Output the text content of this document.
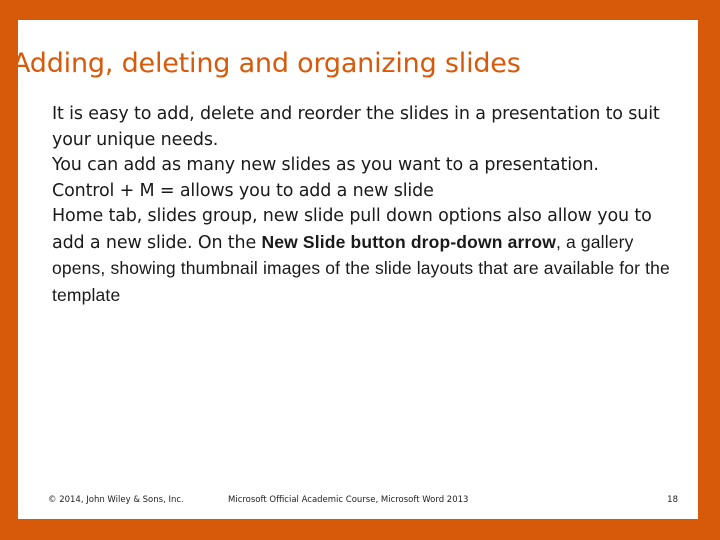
Adding, deleting and organizing slides
•	It is easy to add, delete and reorder the slides in a presentation to suit your unique needs.
•	You can add as many new slides as you want to a presentation.
•	Control + M = allows you to add a new slide
•	Home tab, slides group, new slide pull down options also allow you to add a new slide. On the New Slide button drop-down arrow, a gallery opens, showing thumbnail images of the slide layouts that are available for the template
© 2014, John Wiley & Sons, Inc.	Microsoft Official Academic Course, Microsoft Word 2013	18
